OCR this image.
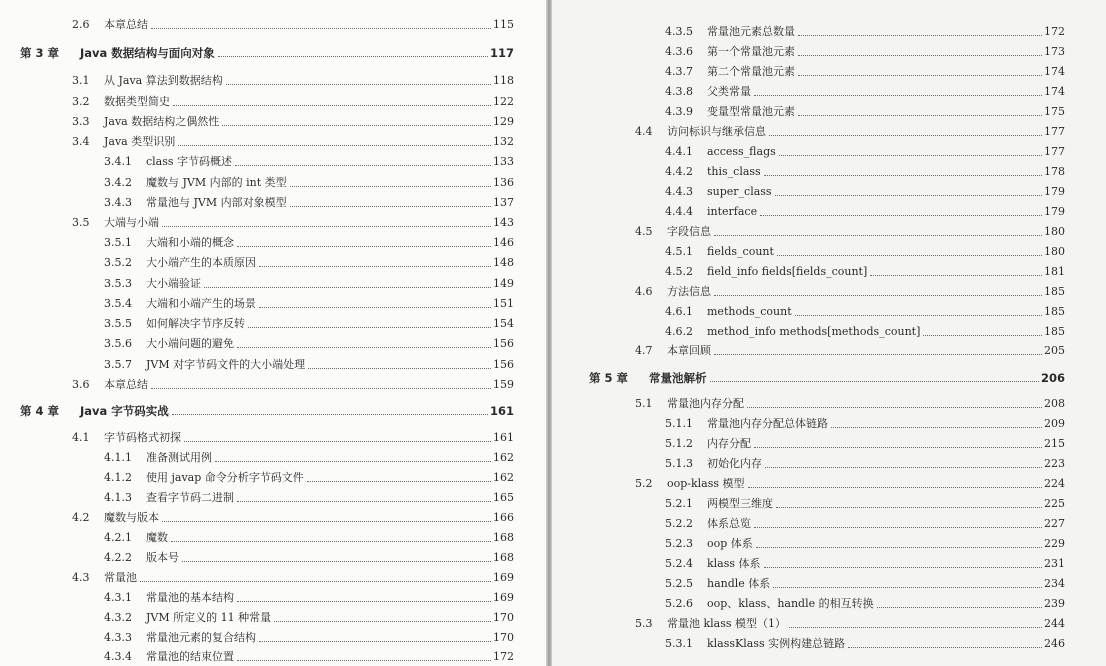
2.6	本章总结	115
第 3 章	Java 数据结构与面向对象	117
3.1	从 Java 算法到数据结构	118
3.2	数据类型简史	122
3.3	Java 数据结构之偶然性	129
3.4	Java 类型识别	132
3.4.1	class 字节码概述	133
3.4.2	魔数与 JVM 内部的 int 类型	136
3.4.3	常量池与 JVM 内部对象模型	137
3.5	大端与小端	143
3.5.1	大端和小端的概念	146
3.5.2	大小端产生的本质原因	148
3.5.3	大小端验证	149
3.5.4	大端和小端产生的场景	151
3.5.5	如何解决字节序反转	154
3.5.6	大小端问题的避免	156
3.5.7	JVM 对字节码文件的大小端处理	156
3.6	本章总结	159
第 4 章	Java 字节码实战	161
4.1	字节码格式初探	161
4.1.1	准备测试用例	162
4.1.2	使用 javap 命令分析字节码文件	162
4.1.3	查看字节码二进制	165
4.2	魔数与版本	166
4.2.1	魔数	168
4.2.2	版本号	168
4.3	常量池	169
4.3.1	常量池的基本结构	169
4.3.2	JVM 所定义的 11 种常量	170
4.3.3	常量池元素的复合结构	170
4.3.4	常量池的结束位置	172
4.3.5	常量池元素总数量	172
4.3.6	第一个常量池元素	173
4.3.7	第二个常量池元素	174
4.3.8	父类常量	174
4.3.9	变量型常量池元素	175
4.4	访问标识与继承信息	177
4.4.1	access_flags	177
4.4.2	this_class	178
4.4.3	super_class	179
4.4.4	interface	179
4.5	字段信息	180
4.5.1	fields_count	180
4.5.2	field_info fields[fields_count]	181
4.6	方法信息	185
4.6.1	methods_count	185
4.6.2	method_info methods[methods_count]	185
4.7	本章回顾	205
第 5 章	常量池解析	206
5.1	常量池内存分配	208
5.1.1	常量池内存分配总体链路	209
5.1.2	内存分配	215
5.1.3	初始化内存	223
5.2	oop-klass 模型	224
5.2.1	两模型三维度	225
5.2.2	体系总览	227
5.2.3	oop 体系	229
5.2.4	klass 体系	231
5.2.5	handle 体系	234
5.2.6	oop、klass、handle 的相互转换	239
5.3	常量池 klass 模型（1）	244
5.3.1	klassKlass 实例构建总链路	246
